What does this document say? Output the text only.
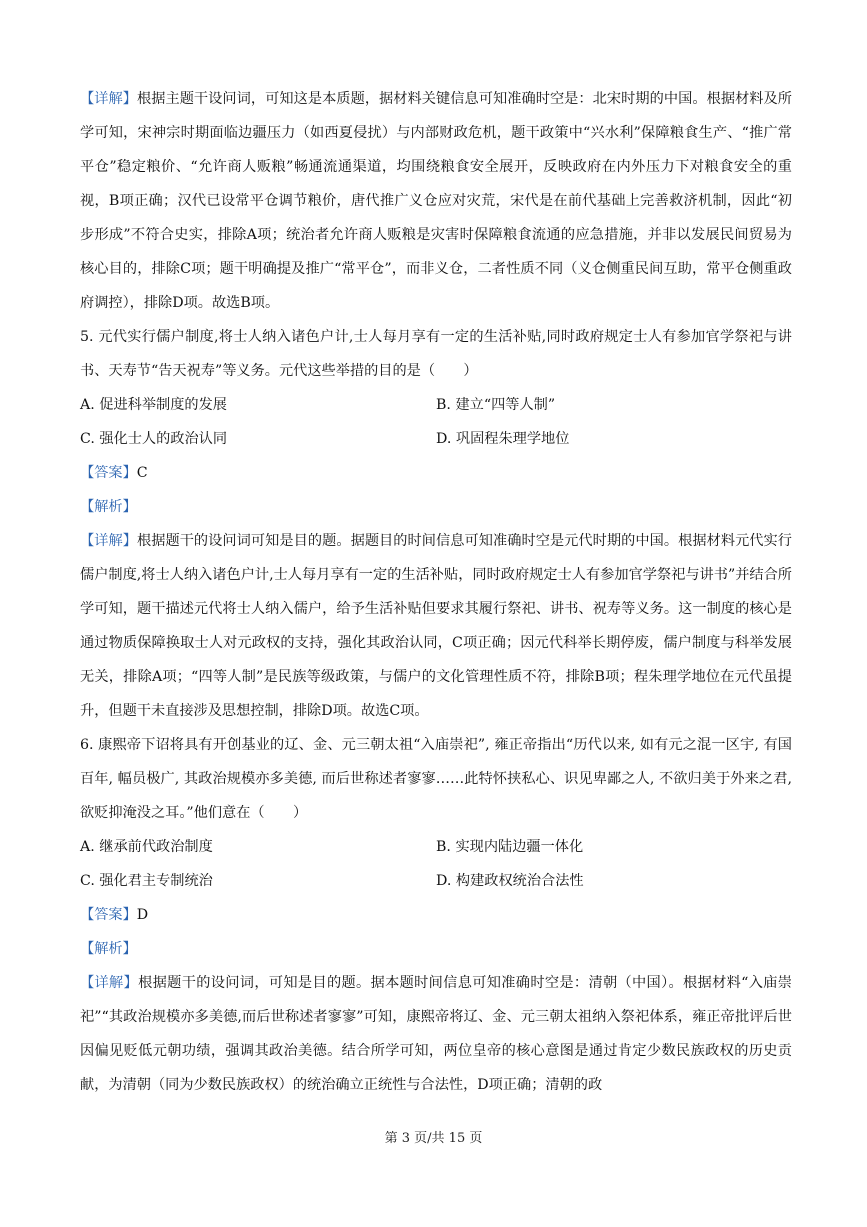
【详解】根据主题干设问词，可知这是本质题，据材料关键信息可知准确时空是：北宋时期的中国。根据材料及所学可知，宋神宗时期面临边疆压力（如西夏侵扰）与内部财政危机，题干政策中“兴水利”保障粮食生产、“推广常平仓”稳定粮价、“允许商人贩粮”畅通流通渠道，均围绕粮食安全展开，反映政府在内外压力下对粮食安全的重视，B项正确；汉代已设常平仓调节粮价，唐代推广义仓应对灾荒，宋代是在前代基础上完善救济机制，因此“初步形成”不符合史实，排除A项；统治者允许商人贩粮是灾害时保障粮食流通的应急措施，并非以发展民间贸易为核心目的，排除C项；题干明确提及推广“常平仓”，而非义仓，二者性质不同（义仓侧重民间互助，常平仓侧重政府调控），排除D项。故选B项。

5. 元代实行儒户制度,将士人纳入诸色户计,士人每月享有一定的生活补贴,同时政府规定士人有参加官学祭祀与讲书、天寿节“告天祝寿”等义务。元代这些举措的目的是（　　）

A. 促进科举制度的发展	B. 建立“四等人制”
C. 强化士人的政治认同	D. 巩固程朱理学地位

【答案】C

【解析】

【详解】根据题干的设问词可知是目的题。据题目的时间信息可知准确时空是元代时期的中国。根据材料元代实行儒户制度,将士人纳入诸色户计,士人每月享有一定的生活补贴，同时政府规定士人有参加官学祭祀与讲书”并结合所学可知，题干描述元代将士人纳入儒户，给予生活补贴但要求其履行祭祀、讲书、祝寿等义务。这一制度的核心是通过物质保障换取士人对元政权的支持，强化其政治认同，C项正确；因元代科举长期停废，儒户制度与科举发展无关，排除A项；“四等人制”是民族等级政策，与儒户的文化管理性质不符，排除B项；程朱理学地位在元代虽提升，但题干未直接涉及思想控制，排除D项。故选C项。

6. 康熙帝下诏将具有开创基业的辽、金、元三朝太祖“入庙崇祀”, 雍正帝指出“历代以来, 如有元之混一区宇, 有国百年, 幅员极广, 其政治规模亦多美德, 而后世称述者寥寥……此特怀挟私心、识见卑鄙之人, 不欲归美于外来之君, 欲贬抑淹没之耳。”他们意在（　　）

A. 继承前代政治制度	B. 实现内陆边疆一体化
C. 强化君主专制统治	D. 构建政权统治合法性

【答案】D

【解析】

【详解】根据题干的设问词，可知是目的题。据本题时间信息可知准确时空是：清朝（中国）。根据材料“入庙崇祀”“其政治规模亦多美德,而后世称述者寥寥”可知，康熙帝将辽、金、元三朝太祖纳入祭祀体系，雍正帝批评后世因偏见贬低元朝功绩，强调其政治美德。结合所学可知，两位皇帝的核心意图是通过肯定少数民族政权的历史贡献，为清朝（同为少数民族政权）的统治确立正统性与合法性，D项正确；清朝的政

第 3 页/共 15 页
